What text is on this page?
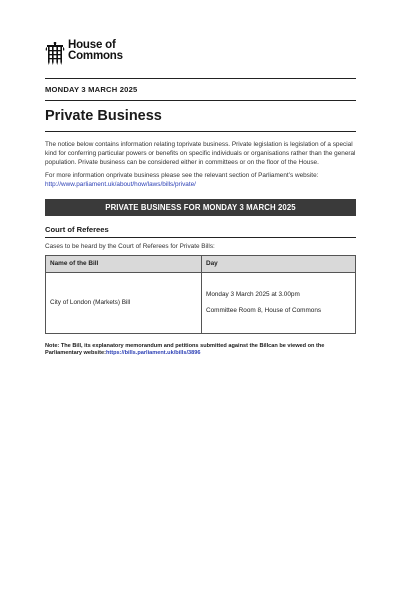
House of
Commons
MONDAY 3 MARCH 2025
Private Business

The notice below contains information relating toprivate business. Private legislation is legislation of a special kind for conferring particular powers or benefits on specific individuals or organisations rather than the general population. Private business can be considered either in committees or on the floor of the House.

For more information onprivate business please see the relevant section of Parliament’s website: http://www.parliament.uk/about/how/laws/bills/private/

PRIVATE BUSINESS FOR MONDAY 3 MARCH 2025
Court of Referees

Cases to be heard by the Court of Referees for Private Bills:

Name of the Bill	Day
City of London (Markets) Bill	Monday 3 March 2025 at 3.00pm
Committee Room 8, House of Commons
Note: The Bill, its explanatory memorandum and petitions submitted against the Billcan be viewed on the Parliamentary website:https://bills.parliament.uk/bills/3896
